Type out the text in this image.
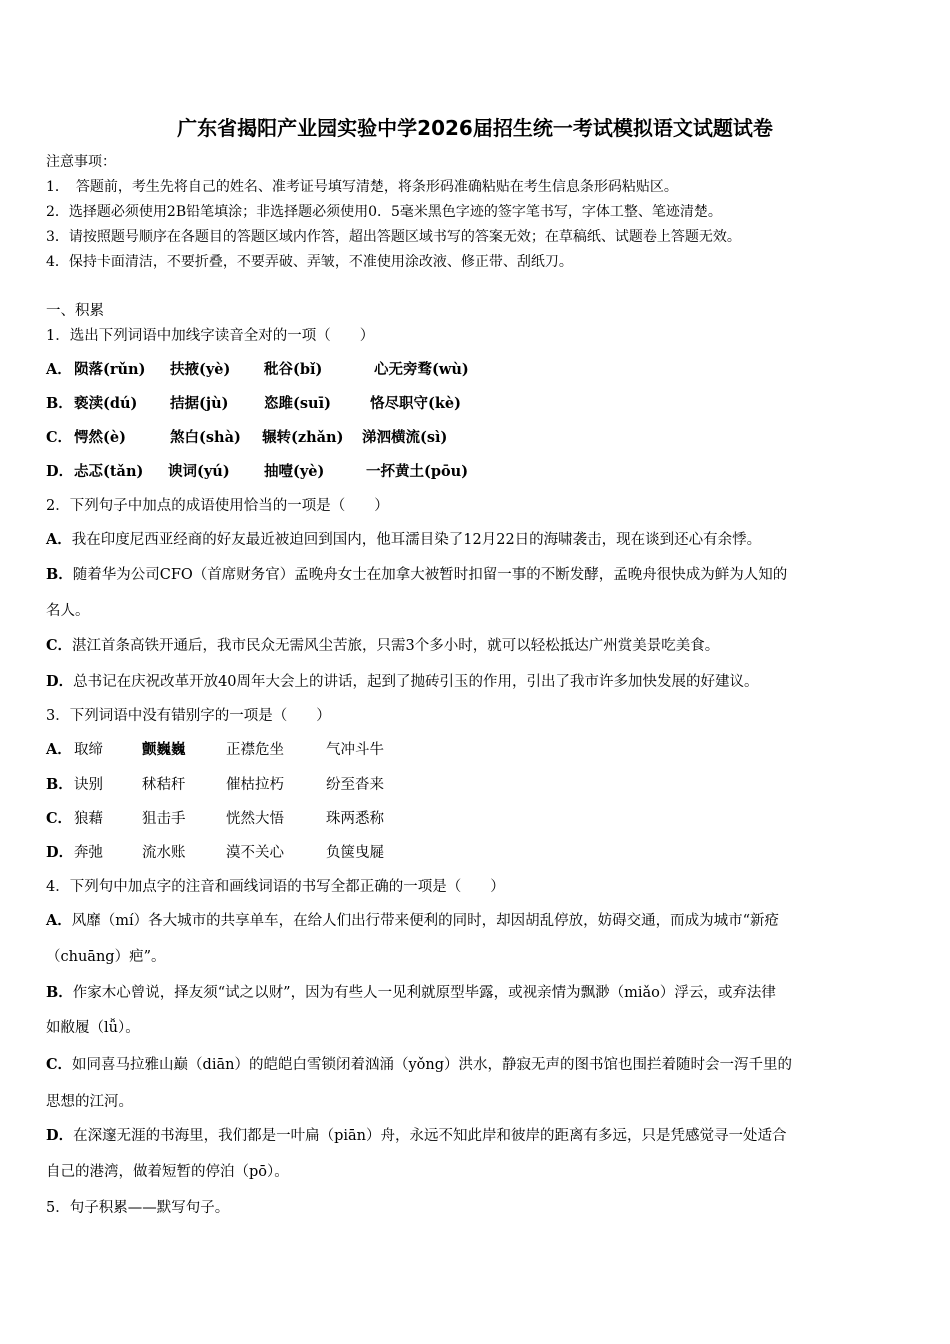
广东省揭阳产业园实验中学2026届招生统一考试模拟语文试题试卷
注意事项：
1．　答题前，考生先将自己的姓名、准考证号填写清楚，将条形码准确粘贴在考生信息条形码粘贴区。
2．选择题必须使用2B铅笔填涂；非选择题必须使用0．5毫米黑色字迹的签字笔书写，字体工整、笔迹清楚。
3．请按照题号顺序在各题目的答题区域内作答，超出答题区域书写的答案无效；在草稿纸、试题卷上答题无效。
4．保持卡面清洁，不要折叠，不要弄破、弄皱，不准使用涂改液、修正带、刮纸刀。
一、积累
1．选出下列词语中加线字读音全对的一项（　　）
A． 陨落(rǔn) 扶掖(yè) 秕谷(bǐ)	心无旁骛(wù)
B． 亵渎(dú) 拮据(jù) 恣雎(suī)	恪尽职守(kè)
C． 愕然(è)	煞白(shà) 辗转(zhǎn) 涕泗横流(sì)
D． 忐忑(tǎn) 谀词(yú) 抽噎(yè)	一抔黄土(pōu)
2．下列句子中加点的成语使用恰当的一项是（　　）
A．我在印度尼西亚经商的好友最近被迫回到国内，他耳濡目染了12月22日的海啸袭击，现在谈到还心有余悸。
B．随着华为公司CFO（首席财务官）孟晚舟女士在加拿大被暂时扣留一事的不断发酵，孟晚舟很快成为鲜为人知的
名人。
C．湛江首条高铁开通后，我市民众无需风尘苦旅，只需3个多小时，就可以轻松抵达广州赏美景吃美食。
D．总书记在庆祝改革开放40周年大会上的讲话，起到了抛砖引玉的作用，引出了我市许多加快发展的好建议。
3．下列词语中没有错别字的一项是（　　）
A． 取缔	颤巍巍	正襟危坐	气冲斗牛
B． 诀别	秫秸秆	催枯拉朽	纷至沓来
C． 狼藉	狙击手	恍然大悟	珠两悉称
D． 奔弛	流水账	漠不关心	负箧曳屣
4．下列句中加点字的注音和画线词语的书写全都正确的一项是（　　）
A．风靡（mí）各大城市的共享单车，在给人们出行带来便利的同时，却因胡乱停放，妨碍交通，而成为城市“新疮
（chuāng）疤”。
B．作家木心曾说，择友须“试之以财”，因为有些人一见利就原型毕露，或视亲情为飘渺（miǎo）浮云，或弃法律
如敝履（lǚ）。
C．如同喜马拉雅山巅（diān）的皑皑白雪锁闭着汹涌（yǒng）洪水，静寂无声的图书馆也围拦着随时会一泻千里的
思想的江河。
D．在深邃无涯的书海里，我们都是一叶扁（piān）舟，永远不知此岸和彼岸的距离有多远，只是凭感觉寻一处适合
自己的港湾，做着短暂的停泊（pō）。
5．句子积累——默写句子。
